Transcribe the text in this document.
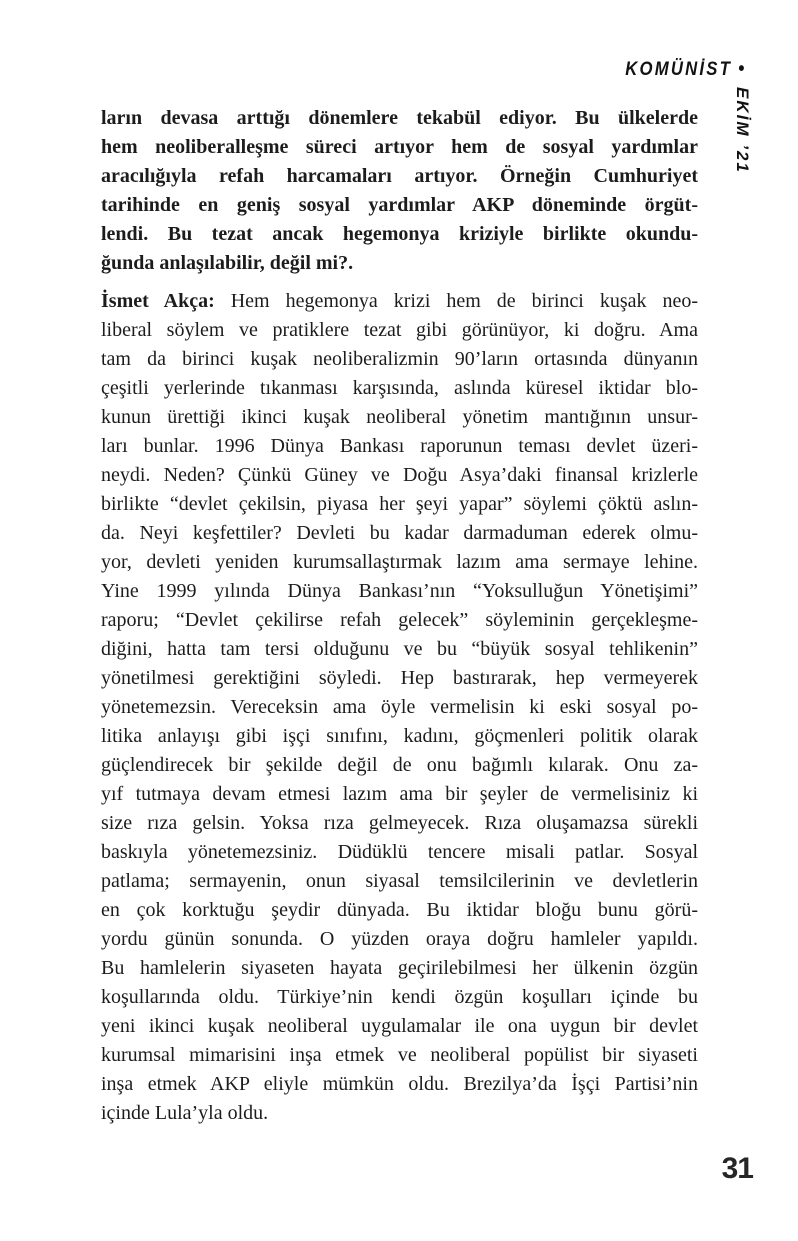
KOMÜNİST •
EKİM ’21
ların devasa arttığı dönemlere tekabül ediyor. Bu ülkelerde
hem neoliberalleşme süreci artıyor hem de sosyal yardımlar
aracılığıyla refah harcamaları artıyor. Örneğin Cumhuriyet
tarihinde en geniş sosyal yardımlar AKP döneminde örgüt-
lendi. Bu tezat ancak hegemonya kriziyle birlikte okundu-
ğunda anlaşılabilir, değil mi?.
İsmet Akça: Hem hegemonya krizi hem de birinci kuşak neo-
liberal söylem ve pratiklere tezat gibi görünüyor, ki doğru. Ama
tam da birinci kuşak neoliberalizmin 90’ların ortasında dünyanın
çeşitli yerlerinde tıkanması karşısında, aslında küresel iktidar blo-
kunun ürettiği ikinci kuşak neoliberal yönetim mantığının unsur-
ları bunlar. 1996 Dünya Bankası raporunun teması devlet üzeri-
neydi. Neden? Çünkü Güney ve Doğu Asya’daki finansal krizlerle
birlikte “devlet çekilsin, piyasa her şeyi yapar” söylemi çöktü aslın-
da. Neyi keşfettiler? Devleti bu kadar darmaduman ederek olmu-
yor, devleti yeniden kurumsallaştırmak lazım ama sermaye lehine.
Yine 1999 yılında Dünya Bankası’nın “Yoksulluğun Yönetişimi”
raporu; “Devlet çekilirse refah gelecek” söyleminin gerçekleşme-
diğini, hatta tam tersi olduğunu ve bu “büyük sosyal tehlikenin”
yönetilmesi gerektiğini söyledi. Hep bastırarak, hep vermeyerek
yönetemezsin. Vereceksin ama öyle vermelisin ki eski sosyal po-
litika anlayışı gibi işçi sınıfını, kadını, göçmenleri politik olarak
güçlendirecek bir şekilde değil de onu bağımlı kılarak. Onu za-
yıf tutmaya devam etmesi lazım ama bir şeyler de vermelisiniz ki
size rıza gelsin. Yoksa rıza gelmeyecek. Rıza oluşamazsa sürekli
baskıyla yönetemezsiniz. Düdüklü tencere misali patlar. Sosyal
patlama; sermayenin, onun siyasal temsilcilerinin ve devletlerin
en çok korktuğu şeydir dünyada. Bu iktidar bloğu bunu görü-
yordu günün sonunda. O yüzden oraya doğru hamleler yapıldı.
Bu hamlelerin siyaseten hayata geçirilebilmesi her ülkenin özgün
koşullarında oldu. Türkiye’nin kendi özgün koşulları içinde bu
yeni ikinci kuşak neoliberal uygulamalar ile ona uygun bir devlet
kurumsal mimarisini inşa etmek ve neoliberal popülist bir siyaseti
inşa etmek AKP eliyle mümkün oldu. Brezilya’da İşçi Partisi’nin
içinde Lula’yla oldu.
31
